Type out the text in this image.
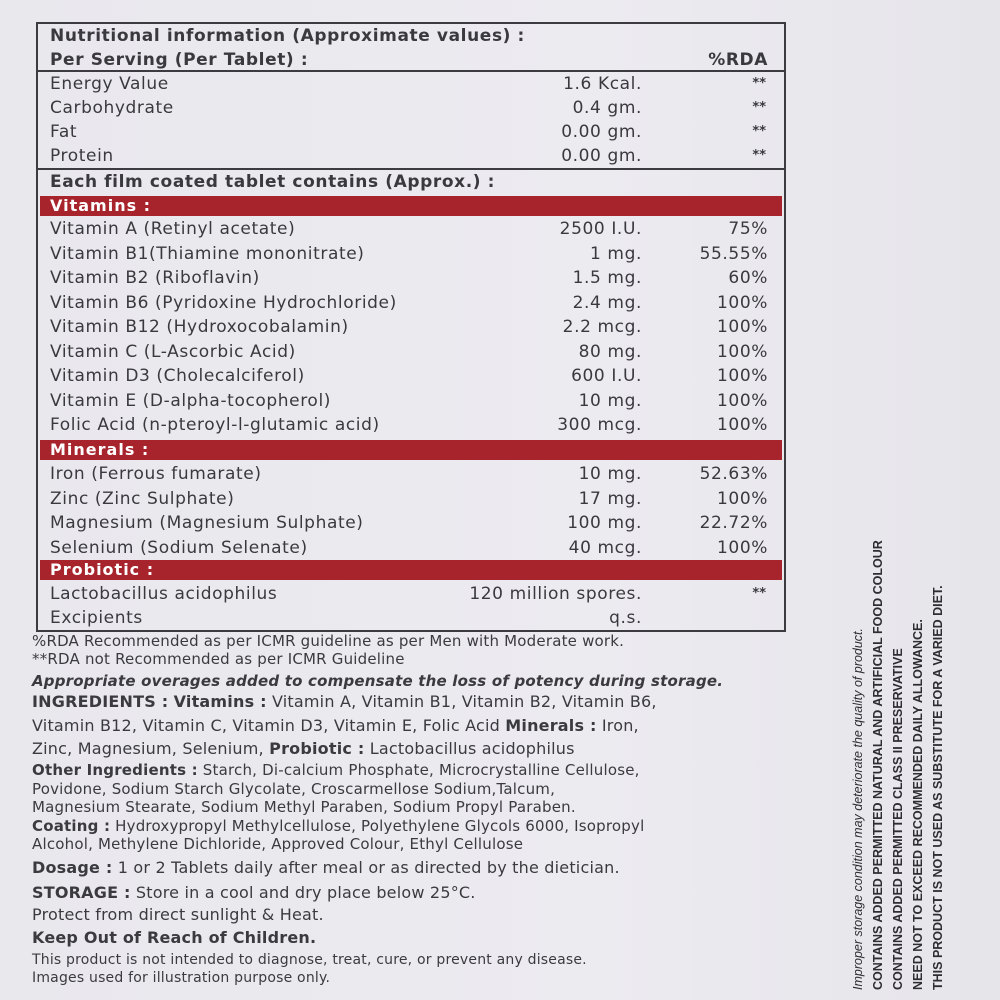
Nutritional information (Approximate values) :
Per Serving (Per Tablet) :	%RDA
Energy Value	1.6 Kcal.	**
Carbohydrate	0.4 gm.	**
Fat	0.00 gm.	**
Protein	0.00 gm.	**
Each film coated tablet contains (Approx.) :
Vitamins :
Vitamin A (Retinyl acetate)	2500 I.U.	75%
Vitamin B1(Thiamine mononitrate)	1 mg.	55.55%
Vitamin B2 (Riboflavin)	1.5 mg.	60%
Vitamin B6 (Pyridoxine Hydrochloride)	2.4 mg.	100%
Vitamin B12 (Hydroxocobalamin)	2.2 mcg.	100%
Vitamin C (L-Ascorbic Acid)	80 mg.	100%
Vitamin D3 (Cholecalciferol)	600 I.U.	100%
Vitamin E (D-alpha-tocopherol)	10 mg.	100%
Folic Acid (n-pteroyl-l-glutamic acid)	300 mcg.	100%
Minerals :
Iron (Ferrous fumarate)	10 mg.	52.63%
Zinc (Zinc Sulphate)	17 mg.	100%
Magnesium (Magnesium Sulphate)	100 mg.	22.72%
Selenium (Sodium Selenate)	40 mcg.	100%
Probiotic :
Lactobacillus acidophilus	120 million spores.	**
Excipients	q.s.
%RDA Recommended as per ICMR guideline as per Men with Moderate work.
**RDA not Recommended as per ICMR Guideline
Appropriate overages added to compensate the loss of potency during storage.
INGREDIENTS : Vitamins : Vitamin A, Vitamin B1, Vitamin B2, Vitamin B6,
Vitamin B12, Vitamin C, Vitamin D3, Vitamin E, Folic Acid Minerals : Iron,
Zinc, Magnesium, Selenium, Probiotic : Lactobacillus acidophilus
Other Ingredients : Starch, Di-calcium Phosphate, Microcrystalline Cellulose,
Povidone, Sodium Starch Glycolate, Croscarmellose Sodium,Talcum,
Magnesium Stearate, Sodium Methyl Paraben, Sodium Propyl Paraben.
Coating : Hydroxypropyl Methylcellulose, Polyethylene Glycols 6000, Isopropyl
Alcohol, Methylene Dichloride, Approved Colour, Ethyl Cellulose
Dosage : 1 or 2 Tablets daily after meal or as directed by the dietician.
STORAGE : Store in a cool and dry place below 25°C.
Protect from direct sunlight & Heat.
Keep Out of Reach of Children.
This product is not intended to diagnose, treat, cure, or prevent any disease.
Images used for illustration purpose only.	Improper storage condition may deteriorate the quality of product. CONTAINS ADDED PERMITTED NATURAL AND ARTIFICIAL FOOD COLOUR CONTAINS ADDED PERMITTED CLASS II PRESERVATIVE NEED NOT TO EXCEED RECOMMENDED DAILY ALLOWANCE. THIS PRODUCT IS NOT USED AS SUBSTITUTE FOR A VARIED DIET.
